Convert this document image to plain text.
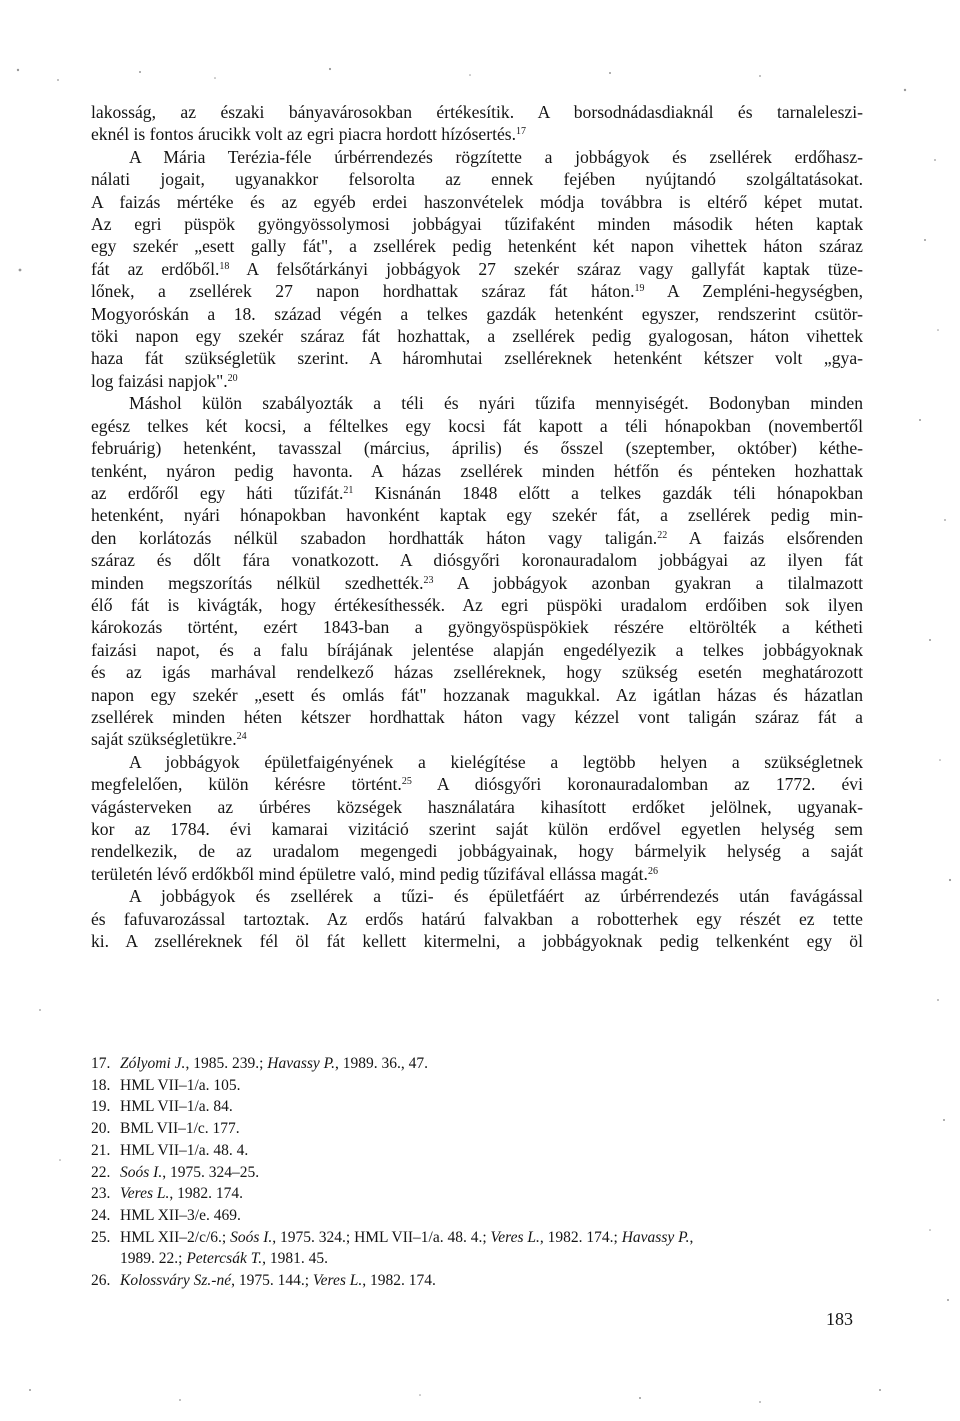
lakosság, az északi bányavárosokban értékesítik. A borsodnádasdiaknál és tarnaleleszi-
eknél is fontos árucikk volt az egri piacra hordott hízósertés.$^{17}$
A Mária Terézia-féle úrbérrendezés rögzítette a jobbágyok és zsellérek erdőhasz-
nálati jogait, ugyanakkor felsorolta az ennek fejében nyújtandó szolgáltatásokat.
A faizás mértéke és az egyéb erdei haszonvételek módja továbbra is eltérő képet mutat.
Az egri püspök gyöngyössolymosi jobbágyai tűzifaként minden második héten kaptak
egy szekér „esett gally fát", a zsellérek pedig hetenként két napon vihettek háton száraz
fát az erdőből.$^{18}$ A felsőtárkányi jobbágyok 27 szekér száraz vagy gallyfát kaptak tüze-
lőnek, a zsellérek 27 napon hordhattak száraz fát háton.$^{19}$ A Zempléni-hegységben,
Mogyoróskán a 18. század végén a telkes gazdák hetenként egyszer, rendszerint csütör-
töki napon egy szekér száraz fát hozhattak, a zsellérek pedig gyalogosan, háton vihettek
haza fát szükségletük szerint. A háromhutai zselléreknek hetenként kétszer volt „gya-
log faizási napjok".$^{20}$
Máshol külön szabályozták a téli és nyári tűzifa mennyiségét. Bodonyban minden
egész telkes két kocsi, a féltelkes egy kocsi fát kapott a téli hónapokban (novembertől
februárig) hetenként, tavasszal (március, április) és ősszel (szeptember, október) kéthe-
tenként, nyáron pedig havonta. A házas zsellérek minden hétfőn és pénteken hozhattak
az erdőről egy háti tűzifát.$^{21}$ Kisnánán 1848 előtt a telkes gazdák téli hónapokban
hetenként, nyári hónapokban havonként kaptak egy szekér fát, a zsellérek pedig min-
den korlátozás nélkül szabadon hordhatták háton vagy taligán.$^{22}$ A faizás elsőrenden
száraz és dőlt fára vonatkozott. A diósgyőri koronauradalom jobbágyai az ilyen fát
minden megszorítás nélkül szedhették.$^{23}$ A jobbágyok azonban gyakran a tilalmazott
élő fát is kivágták, hogy értékesíthessék. Az egri püspöki uradalom erdőiben sok ilyen
károkozás történt, ezért 1843-ban a gyöngyöspüspökiek részére eltörölték a kétheti
faizási napot, és a falu bírájának jelentése alapján engedélyezik a telkes jobbágyoknak
és az igás marhával rendelkező házas zselléreknek, hogy szükség esetén meghatározott
napon egy szekér „esett és omlás fát" hozzanak magukkal. Az igátlan házas és házatlan
zsellérek minden héten kétszer hordhattak háton vagy kézzel vont taligán száraz fát a
saját szükségletükre.$^{24}$
A jobbágyok épületfaigényének a kielégítése a legtöbb helyen a szükségletnek
megfelelően, külön kérésre történt.$^{25}$ A diósgyőri koronauradalomban az 1772. évi
vágásterveken az úrbéres községek használatára kihasított erdőket jelölnek, ugyanak-
kor az 1784. évi kamarai vizitáció szerint saját külön erdővel egyetlen helység sem
rendelkezik, de az uradalom megengedi jobbágyainak, hogy bármelyik helység a saját
területén lévő erdőkből mind épületre való, mind pedig tűzifával ellássa magát.$^{26}$
A jobbágyok és zsellérek a tűzi- és épületfáért az úrbérrendezés után favágással
és fafuvarozással tartoztak. Az erdős határú falvakban a robotterhek egy részét ez tette
ki. A zselléreknek fél öl fát kellett kitermelni, a jobbágyoknak pedig telkenként egy öl
17. Zólyomi J., 1985. 239.; Havassy P., 1989. 36., 47.
18. HML VII–1/a. 105.
19. HML VII–1/a. 84.
20. BML VII–1/c. 177.
21. HML VII–1/a. 48. 4.
22. Soós I., 1975. 324–25.
23. Veres L., 1982. 174.
24. HML XII–3/e. 469.
25. HML XII–2/c/6.; Soós I., 1975. 324.; HML VII–1/a. 48. 4.; Veres L., 1982. 174.; Havassy P.,
1989. 22.; Petercsák T., 1981. 45.
26. Kolossváry Sz.-né, 1975. 144.; Veres L., 1982. 174.
183
